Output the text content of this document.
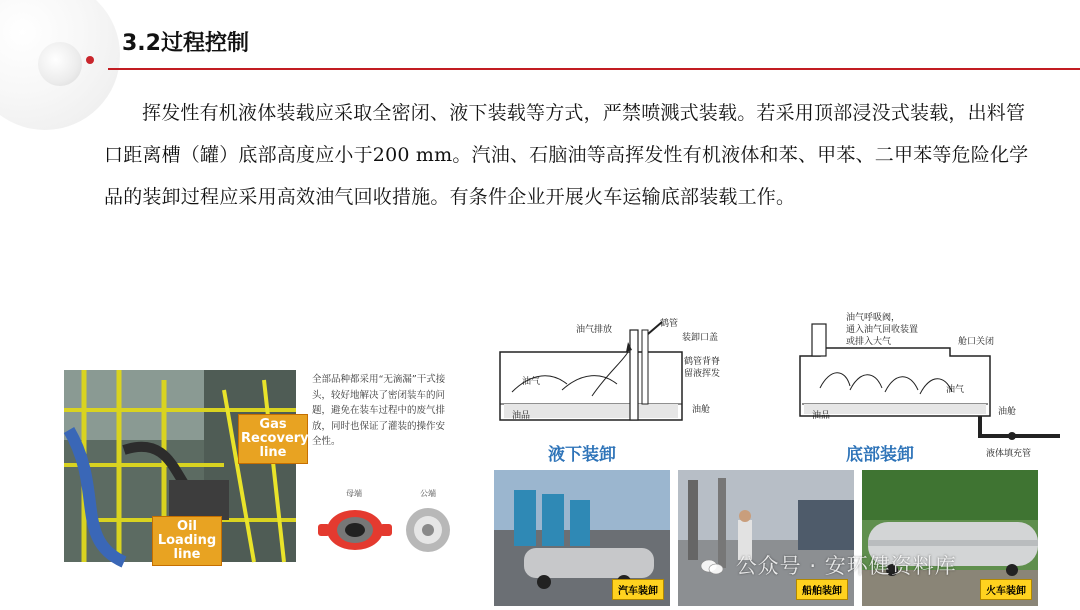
3.2过程控制
挥发性有机液体装载应采取全密闭、液下装载等方式，严禁喷溅式装载。若采用顶部浸没式装载，出料管口距离槽（罐）底部高度应小于200 mm。汽油、石脑油等高挥发性有机液体和苯、甲苯、二甲苯等危险化学品的装卸过程应采用高效油气回收措施。有条件企业开展火车运输底部装载工作。
Gas Recovery line
Oil Loading line
全部品种都采用“无滴漏”干式接头，较好地解决了密闭装车的问题，避免在装车过程中的废气排放，同时也保证了灌装的操作安全性。
母端	公端
油气排放
鹤管
装卸口盖
鹤管背脊
留液挥发
油气
油品
油舱
液下装卸
油气呼吸阀，
通入油气回收装置
或排入大气	舱口关闭
油气
油品	油舱
液体填充管
底部装卸
汽车装卸	船舶装卸	火车装卸
公众号 · 安环健资料库
